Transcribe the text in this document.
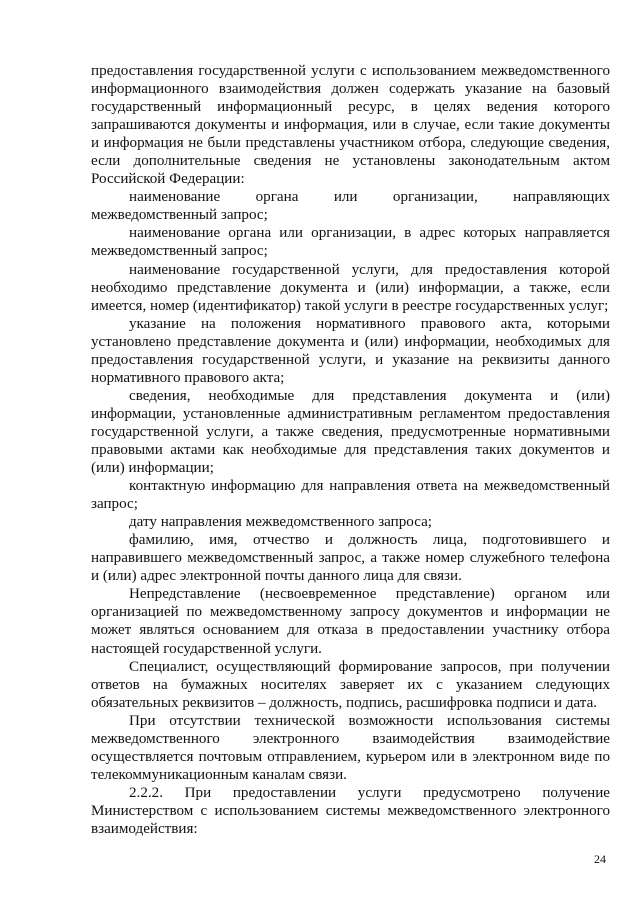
предоставления государственной услуги с использованием межведомственного информационного взаимодействия должен содержать указание на базовый государственный информационный ресурс, в целях ведения которого запрашиваются документы и информация, или в случае, если такие документы и информация не были представлены участником отбора, следующие сведения, если дополнительные сведения не установлены законодательным актом Российской Федерации:

наименование органа или организации, направляющих межведомственный запрос;

наименование органа или организации, в адрес которых направляется межведомственный запрос;

наименование государственной услуги, для предоставления которой необходимо представление документа и (или) информации, а также, если имеется, номер (идентификатор) такой услуги в реестре государственных услуг;

указание на положения нормативного правового акта, которыми установлено представление документа и (или) информации, необходимых для предоставления государственной услуги, и указание на реквизиты данного нормативного правового акта;

сведения, необходимые для представления документа и (или) информации, установленные административным регламентом предоставления государственной услуги, а также сведения, предусмотренные нормативными правовыми актами как необходимые для представления таких документов и (или) информации;

контактную информацию для направления ответа на межведомственный запрос;

дату направления межведомственного запроса;

фамилию, имя, отчество и должность лица, подготовившего и направившего межведомственный запрос, а также номер служебного телефона и (или) адрес электронной почты данного лица для связи.

Непредставление (несвоевременное представление) органом или организацией по межведомственному запросу документов и информации не может являться основанием для отказа в предоставлении участнику отбора настоящей государственной услуги.

Специалист, осуществляющий формирование запросов, при получении ответов на бумажных носителях заверяет их с указанием следующих обязательных реквизитов – должность, подпись, расшифровка подписи и дата.

При отсутствии технической возможности использования системы межведомственного электронного взаимодействия взаимодействие осуществляется почтовым отправлением, курьером или в электронном виде по телекоммуникационным каналам связи.

2.2.2. При предоставлении услуги предусмотрено получение Министерством с использованием системы межведомственного электронного взаимодействия:

24
